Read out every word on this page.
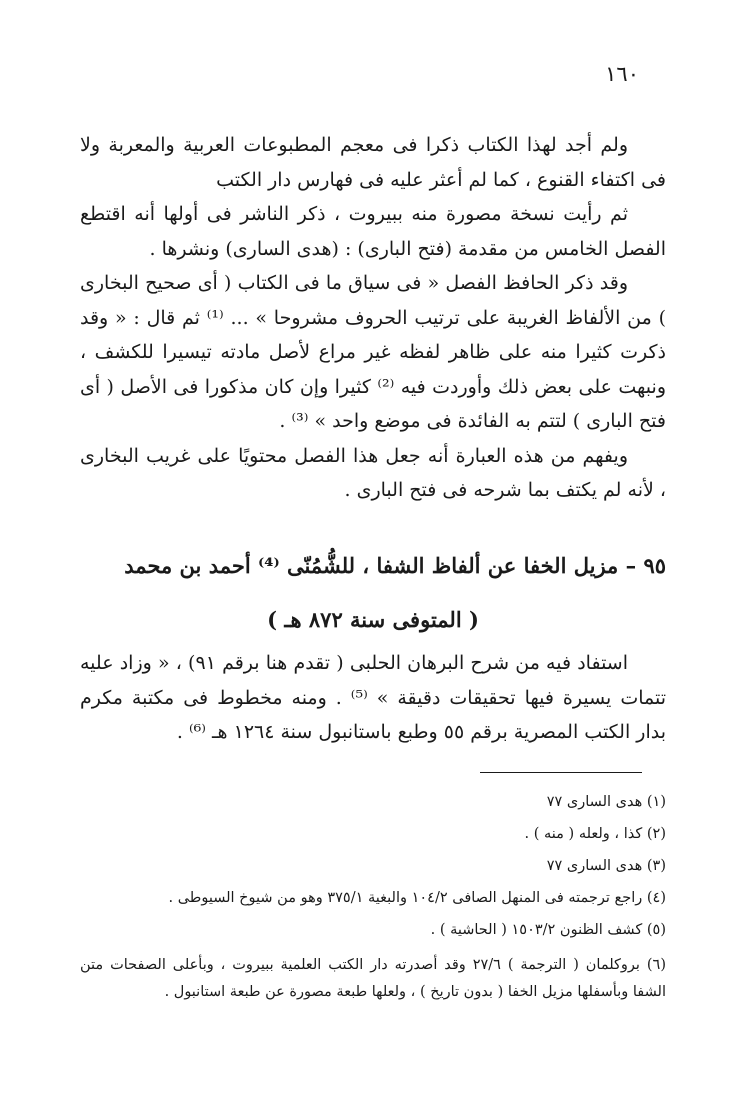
١٦٠

ولم أجد لهذا الكتاب ذكرا فى معجم المطبوعات العربية والمعربة ولا فى اكتفاء القنوع ، كما لم أعثر عليه فى فهارس دار الكتب

ثم رأيت نسخة مصورة منه ببيروت ، ذكر الناشر فى أولها أنه اقتطع الفصل الخامس من مقدمة (فتح البارى) : (هدى السارى) ونشرها .

وقد ذكر الحافظ الفصل « فى سياق ما فى الكتاب ( أى صحيح البخارى ) من الألفاظ الغريبة على ترتيب الحروف مشروحا » ... ⁽¹⁾ ثم قال : « وقد ذكرت كثيرا منه على ظاهر لفظه غير مراع لأصل مادته تيسيرا للكشف ، ونبهت على بعض ذلك وأوردت فيه ⁽²⁾ كثيرا وإن كان مذكورا فى الأصل ( أى فتح البارى ) لتتم به الفائدة فى موضع واحد » ⁽³⁾ .

ويفهم من هذه العبارة أنه جعل هذا الفصل محتويًا على غريب البخارى ، لأنه لم يكتف بما شرحه فى فتح البارى .

٩٥ – مزيل الخفا عن ألفاظ الشفا ، للشُّمُنّى ⁽⁴⁾ أحمد بن محمد
( المتوفى سنة ٨٧٢ هـ )

استفاد فيه من شرح البرهان الحلبى ( تقدم هنا برقم ٩١) ، « وزاد عليه تتمات يسيرة فيها تحقيقات دقيقة » ⁽⁵⁾ . ومنه مخطوط فى مكتبة مكرم بدار الكتب المصرية برقم ٥٥ وطبع باستانبول سنة ١٢٦٤ هـ ⁽⁶⁾ .

(١) هدى السارى ٧٧

(٢) كذا ، ولعله ( منه ) .

(٣) هدى السارى ٧٧

(٤) راجع ترجمته فى المنهل الصافى ١٠٤/٢ والبغية ٣٧٥/١ وهو من شيوخ السيوطى .

(٥) كشف الظنون ١٥٠٣/٢ ( الحاشية ) .

(٦) بروكلمان ( الترجمة ) ٢٧/٦ وقد أصدرته دار الكتب العلمية ببيروت ، وبأعلى الصفحات متن الشفا وبأسفلها مزيل الخفا ( بدون تاريخ ) ، ولعلها طبعة مصورة عن طبعة استانبول .
